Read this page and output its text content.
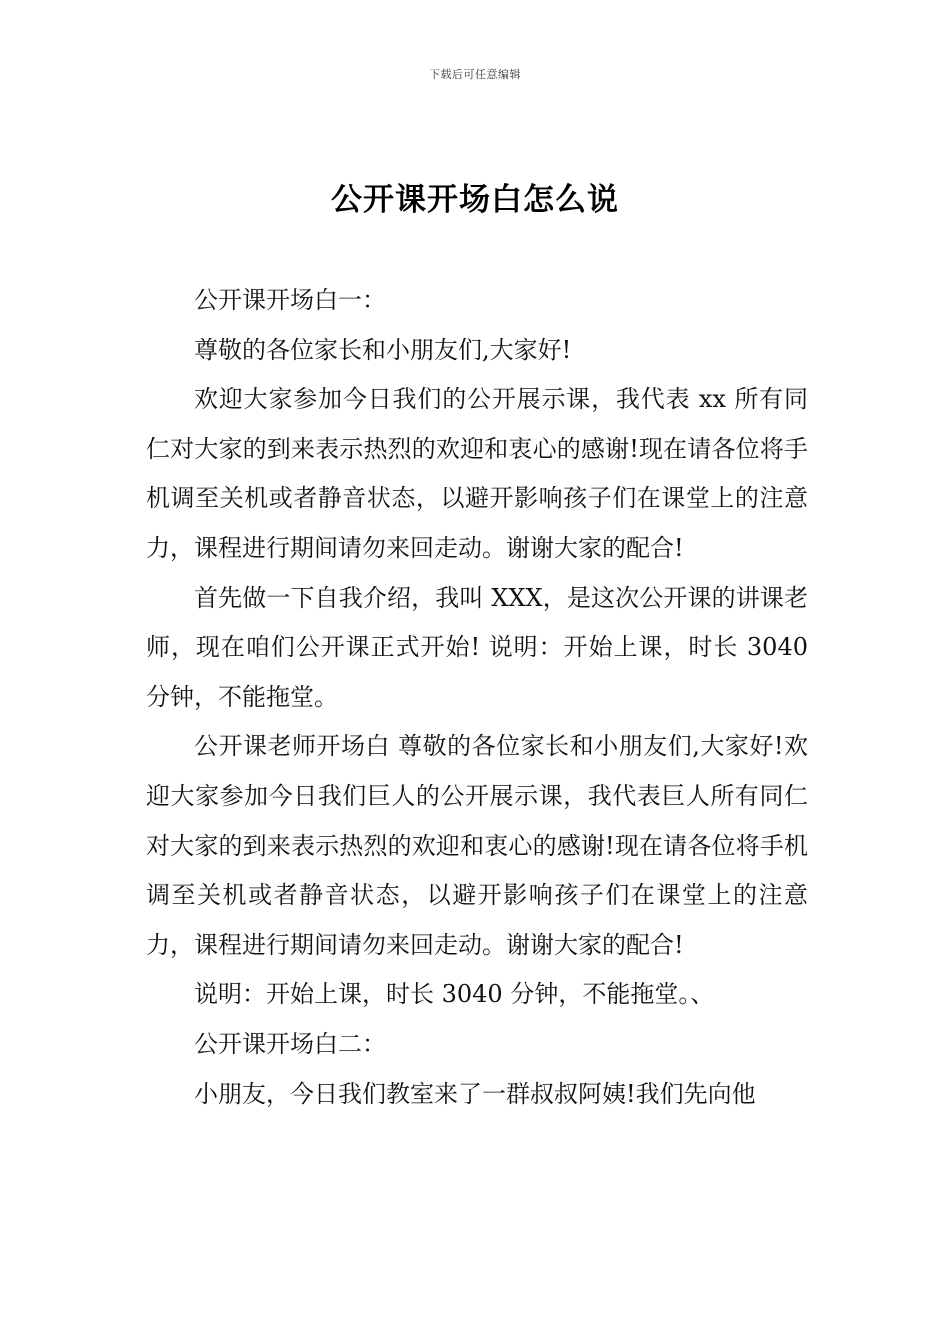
下载后可任意编辑
公开课开场白怎么说

公开课开场白一：

尊敬的各位家长和小朋友们,大家好!

欢迎大家参加今日我们的公开展示课，我代表 xx 所有同仁对大家的到来表示热烈的欢迎和衷心的感谢!现在请各位将手机调至关机或者静音状态，以避开影响孩子们在课堂上的注意力，课程进行期间请勿来回走动。谢谢大家的配合!

首先做一下自我介绍，我叫 XXX，是这次公开课的讲课老师，现在咱们公开课正式开始! 说明：开始上课，时长 3040 分钟，不能拖堂。

公开课老师开场白 尊敬的各位家长和小朋友们,大家好!欢迎大家参加今日我们巨人的公开展示课，我代表巨人所有同仁对大家的到来表示热烈的欢迎和衷心的感谢!现在请各位将手机调至关机或者静音状态，以避开影响孩子们在课堂上的注意力，课程进行期间请勿来回走动。谢谢大家的配合!

说明：开始上课，时长 3040 分钟，不能拖堂。、

公开课开场白二：

小朋友，今日我们教室来了一群叔叔阿姨!我们先向他
